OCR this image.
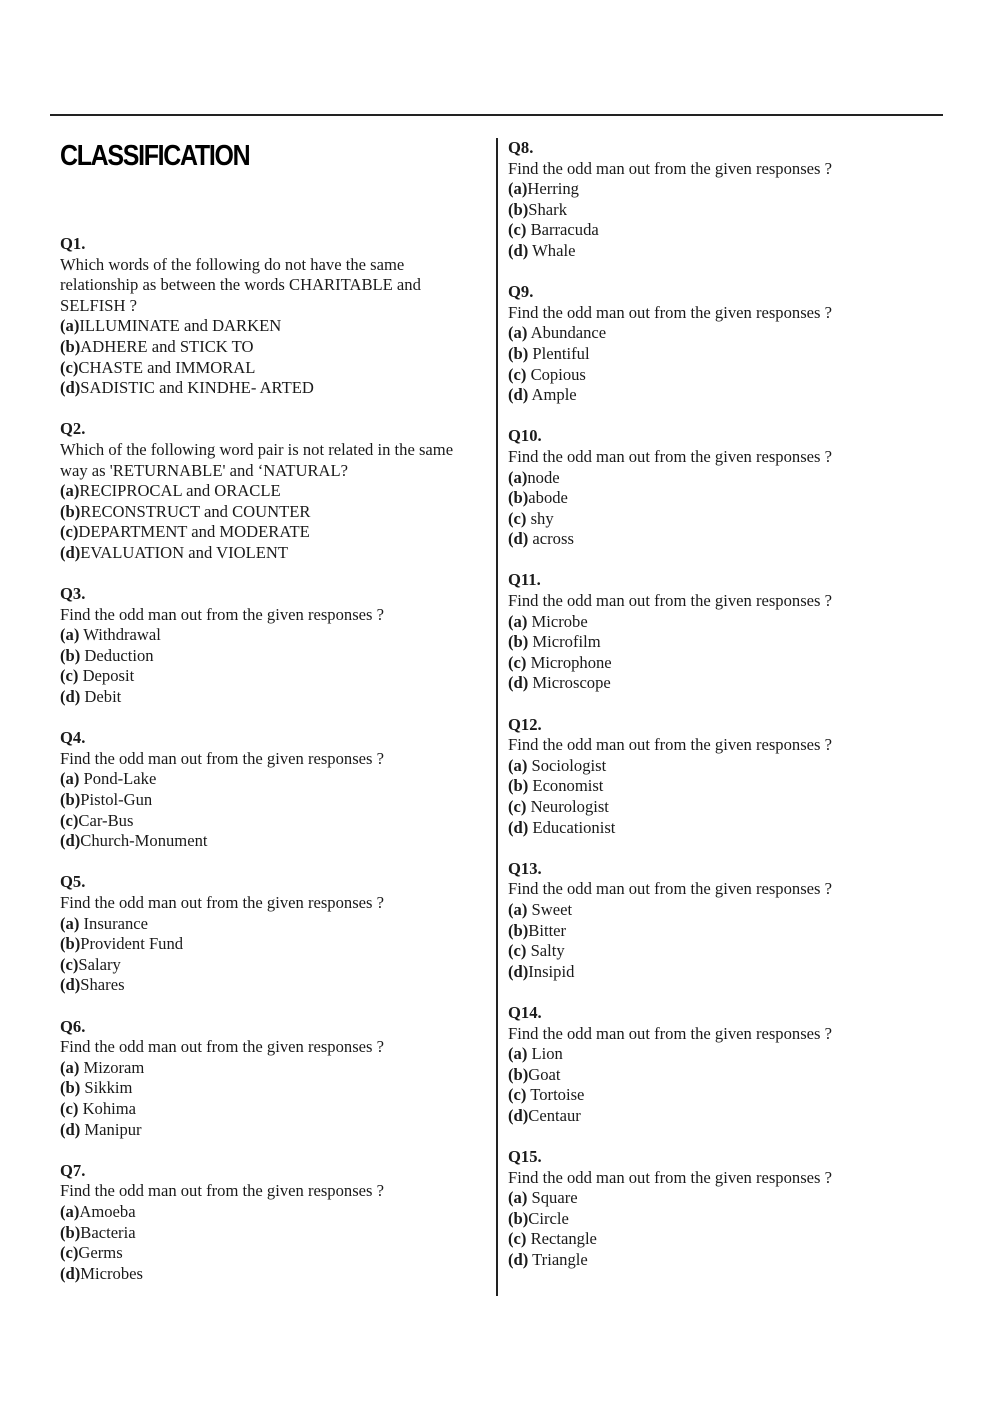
CLASSIFICATION
Q1.
Which words of the following do not have the same relationship as between the words CHARITABLE and SELFISH ?
(a)ILLUMINATE and DARKEN
(b)ADHERE and STICK TO
(c)CHASTE and IMMORAL
(d)SADISTIC and KINDHE- ARTED
Q2.
Which of the following word pair is not related in the same way as 'RETURNABLE' and ‘NATURAL?
(a)RECIPROCAL and ORACLE
(b)RECONSTRUCT and COUNTER
(c)DEPARTMENT and MODERATE
(d)EVALUATION and VIOLENT
Q3.
Find the odd man out from the given responses ?
(a) Withdrawal
(b) Deduction
(c) Deposit
(d) Debit
Q4.
Find the odd man out from the given responses ?
(a) Pond-Lake
(b)Pistol-Gun
(c)Car-Bus
(d)Church-Monument
Q5.
Find the odd man out from the given responses ?
(a) Insurance
(b)Provident Fund
(c)Salary
(d)Shares
Q6.
Find the odd man out from the given responses ?
(a) Mizoram
(b) Sikkim
(c) Kohima
(d) Manipur
Q7.
Find the odd man out from the given responses ?
(a)Amoeba
(b)Bacteria
(c)Germs
(d)Microbes
Q8.
Find the odd man out from the given responses ?
(a)Herring
(b)Shark
(c) Barracuda
(d) Whale
Q9.
Find the odd man out from the given responses ?
(a) Abundance
(b) Plentiful
(c) Copious
(d) Ample
Q10.
Find the odd man out from the given responses ?
(a)node
(b)abode
(c) shy
(d) across
Q11.
Find the odd man out from the given responses ?
(a) Microbe
(b) Microfilm
(c) Microphone
(d) Microscope
Q12.
Find the odd man out from the given responses ?
(a) Sociologist
(b) Economist
(c) Neurologist
(d) Educationist
Q13.
Find the odd man out from the given responses ?
(a) Sweet
(b)Bitter
(c) Salty
(d)Insipid
Q14.
Find the odd man out from the given responses ?
(a) Lion
(b)Goat
(c) Tortoise
(d)Centaur
Q15.
Find the odd man out from the given responses ?
(a) Square
(b)Circle
(c) Rectangle
(d) Triangle
